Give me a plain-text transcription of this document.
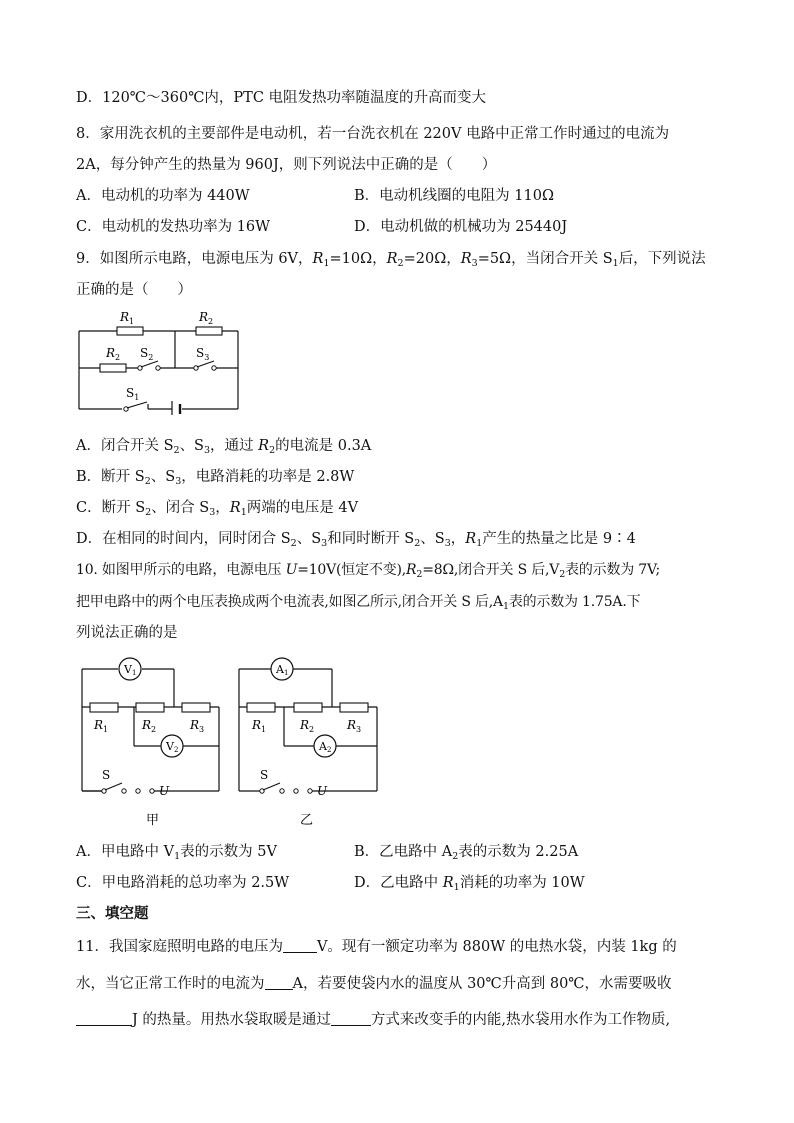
D．120℃～360℃内，PTC 电阻发热功率随温度的升高而变大
8．家用洗衣机的主要部件是电动机，若一台洗衣机在 220V 电路中正常工作时通过的电流为
2A，每分钟产生的热量为 960J，则下列说法中正确的是（　　）
A．电动机的功率为 440W	B．电动机线圈的电阻为 110Ω
C．电动机的发热功率为 16W	D．电动机做的机械功为 25440J
9．如图所示电路，电源电压为 6V，$R_1=10\Omega$，$R_2=20\Omega$，$R_3=5\Omega$，当闭合开关 $S_1$后，下列说法
正确的是（　　）
$R_1$	$R_2$
$R_2$ $S_2$	$S_3$
$S_1$
A．闭合开关 $S_2$、$S_3$，通过 $R_2$的电流是 0.3A
B．断开 $S_2$、$S_3$，电路消耗的功率是 2.8W
C．断开 $S_2$、闭合 $S_3$，$R_1$两端的电压是 4V
D．在相同的时间内，同时闭合 $S_2$、$S_3$和同时断开 $S_2$、$S_3$，$R_1$产生的热量之比是 9∶4
10. 如图甲所示的电路，电源电压 U=10V(恒定不变)$,R_2=8\Omega$,闭合开关 S 后$,V_2$表的示数为 7V;
把甲电路中的两个电压表换成两个电流表,如图乙所示,闭合开关 S 后$,A_1$表的示数为 1.75A.下
列说法正确的是
V1
V2
$R_1$	$R_2$	$R_3$
S
U
甲
A1
A2
$R_1$	$R_2$	$R_3$
S
U
乙
A．甲电路中 $V_1$表的示数为 5V	B．乙电路中 $A_2$表的示数为 2.25A
C．甲电路消耗的总功率为 2.5W	D．乙电路中 $R_1$消耗的功率为 10W
三、填空题
11．我国家庭照明电路的电压为 V。现有一额定功率为 880W 的电热水袋，内装 1kg 的
水，当它正常工作时的电流为 A，若要使袋内水的温度从 30℃升高到 80℃，水需要吸收
J 的热量。用热水袋取暖是通过	方式来改变手的内能,热水袋用水作为工作物质,
